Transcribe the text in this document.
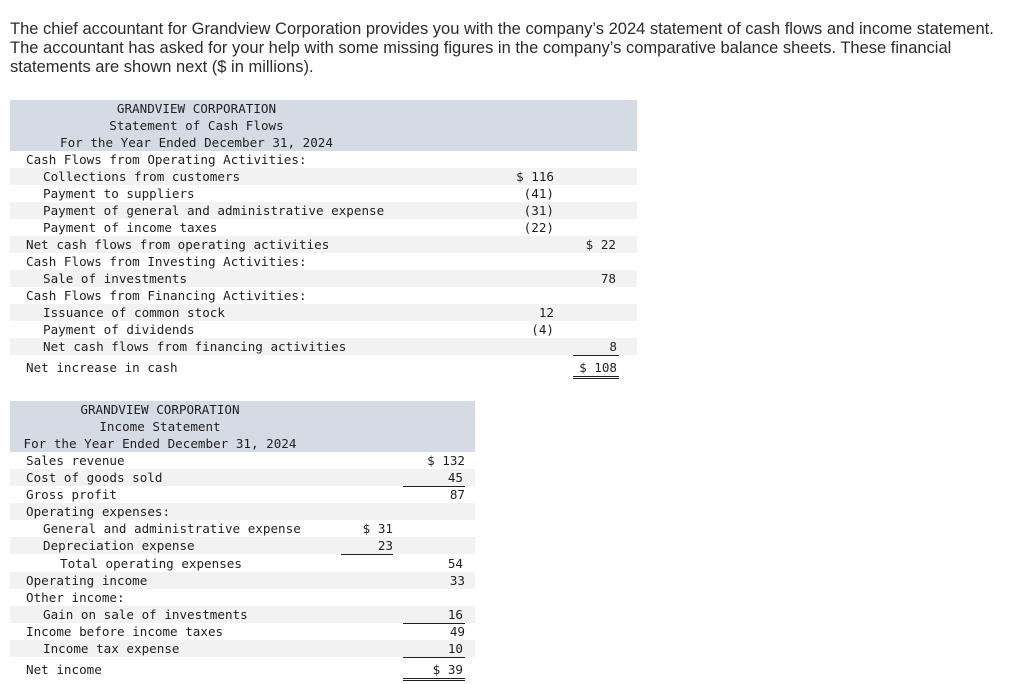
The chief accountant for Grandview Corporation provides you with the company’s 2024 statement of cash flows and income statement. The accountant has asked for your help with some missing figures in the company’s comparative balance sheets. These financial statements are shown next ($ in millions).

GRANDVIEW CORPORATION
Statement of Cash Flows
For the Year Ended December 31, 2024
Cash Flows from Operating Activities:
Collections from customers	$ 116
Payment to suppliers	(41)
Payment of general and administrative expense	(31)
Payment of income taxes	(22)
Net cash flows from operating activities	$ 22
Cash Flows from Investing Activities:
Sale of investments	78
Cash Flows from Financing Activities:
Issuance of common stock	12
Payment of dividends	(4)
Net cash flows from financing activities	8
Net increase in cash	$ 108
GRANDVIEW CORPORATION
Income Statement
For the Year Ended December 31, 2024
Sales revenue	$ 132
Cost of goods sold	45
Gross profit	87
Operating expenses:
General and administrative expense	$ 31
Depreciation expense	23
Total operating expenses	54
Operating income	33
Other income:
Gain on sale of investments	16
Income before income taxes	49
Income tax expense	10
Net income	$ 39
